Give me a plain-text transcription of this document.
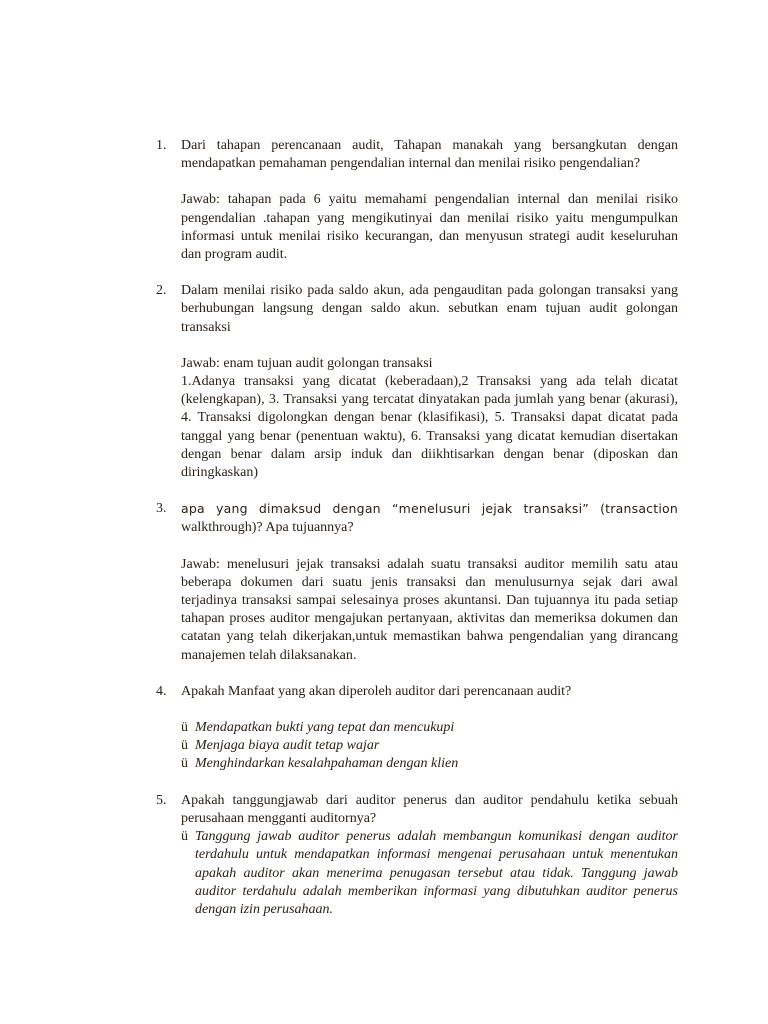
1.	Dari tahapan perencanaan audit, Tahapan manakah yang bersangkutan dengan mendapatkan pemahaman pengendalian internal dan menilai risiko pengendalian?

Jawab: tahapan pada 6 yaitu memahami pengendalian internal dan menilai risiko pengendalian .tahapan yang mengikutinyai dan menilai risiko yaitu mengumpulkan informasi untuk menilai risiko kecurangan, dan menyusun strategi audit keseluruhan dan program audit.

2.	Dalam menilai risiko pada saldo akun, ada pengauditan pada golongan transaksi yang berhubungan langsung dengan saldo akun. sebutkan enam tujuan audit golongan transaksi

Jawab: enam tujuan audit golongan transaksi

1.Adanya transaksi yang dicatat (keberadaan),2 Transaksi yang ada telah dicatat (kelengkapan), 3. Transaksi yang tercatat dinyatakan pada jumlah yang benar (akurasi), 4. Transaksi digolongkan dengan benar (klasifikasi), 5. Transaksi dapat dicatat pada tanggal yang benar (penentuan waktu), 6. Transaksi yang dicatat kemudian disertakan dengan benar dalam arsip induk dan diikhtisarkan dengan benar (diposkan dan diringkaskan)

3.	apa yang dimaksud dengan “menelusuri jejak transaksi” (transaction

walkthrough)? Apa tujuannya?

Jawab: menelusuri jejak transaksi adalah suatu transaksi auditor memilih satu atau beberapa dokumen dari suatu jenis transaksi dan menulusurnya sejak dari awal terjadinya transaksi sampai selesainya proses akuntansi. Dan tujuannya itu pada setiap tahapan proses auditor mengajukan pertanyaan, aktivitas dan memeriksa dokumen dan catatan yang telah dikerjakan,untuk memastikan bahwa pengendalian yang dirancang manajemen telah dilaksanakan.

4.	Apakah Manfaat yang akan diperoleh auditor dari perencanaan audit?

ü Mendapatkan bukti yang tepat dan mencukupi
ü Menjaga biaya audit tetap wajar
ü Menghindarkan kesalahpahaman dengan klien
5.	Apakah tanggungjawab dari auditor penerus dan auditor pendahulu ketika sebuah perusahaan mengganti auditornya?

ü Tanggung jawab auditor penerus adalah membangun komunikasi dengan auditor terdahulu untuk mendapatkan informasi mengenai perusahaan untuk menentukan apakah auditor akan menerima penugasan tersebut atau tidak. Tanggung jawab auditor terdahulu adalah memberikan informasi yang dibutuhkan auditor penerus dengan izin perusahaan.
